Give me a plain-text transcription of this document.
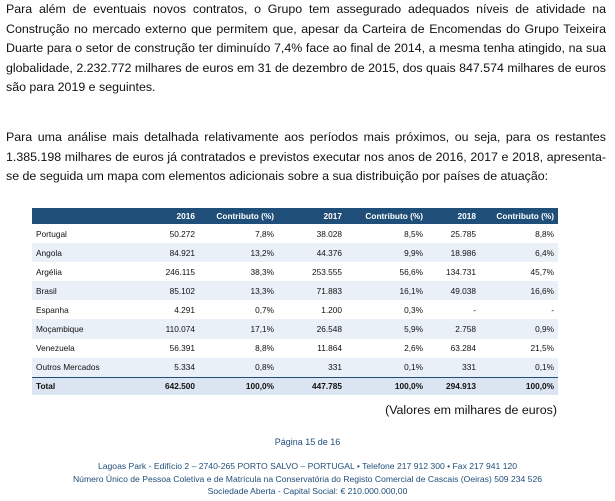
Para além de eventuais novos contratos, o Grupo tem assegurado adequados níveis de atividade na Construção no mercado externo que permitem que, apesar da Carteira de Encomendas do Grupo Teixeira Duarte para o setor de construção ter diminuído 7,4% face ao final de 2014, a mesma tenha atingido, na sua globalidade, 2.232.772 milhares de euros em 31 de dezembro de 2015, dos quais 847.574 milhares de euros são para 2019 e seguintes.

Para uma análise mais detalhada relativamente aos períodos mais próximos, ou seja, para os restantes 1.385.198 milhares de euros já contratados e previstos executar nos anos de 2016, 2017 e 2018, apresenta-se de seguida um mapa com elementos adicionais sobre a sua distribuição por países de atuação:

	2016	Contributo (%)	2017	Contributo (%)	2018	Contributo (%)
Portugal	50.272	7,8%	38.028	8,5%	25.785	8,8%
Angola	84.921	13,2%	44.376	9,9%	18.986	6,4%
Argélia	246.115	38,3%	253.555	56,6%	134.731	45,7%
Brasil	85.102	13,3%	71.883	16,1%	49.038	16,6%
Espanha	4.291	0,7%	1.200	0,3%	-	-
Moçambique	110.074	17,1%	26.548	5,9%	2.758	0,9%
Venezuela	56.391	8,8%	11.864	2,6%	63.284	21,5%
Outros Mercados	5.334	0,8%	331	0,1%	331	0,1%
Total	642.500	100,0%	447.785	100,0%	294.913	100,0%

(Valores em milhares de euros)

Página 15 de 16

Lagoas Park - Edifício 2 – 2740-265 PORTO SALVO – PORTUGAL • Telefone 217 912 300 • Fax 217 941 120
Número Único de Pessoa Coletiva e de Matrícula na Conservatória do Registo Comercial de Cascais (Oeiras) 509 234 526
Sociedade Aberta - Capital Social: € 210.000.000,00
